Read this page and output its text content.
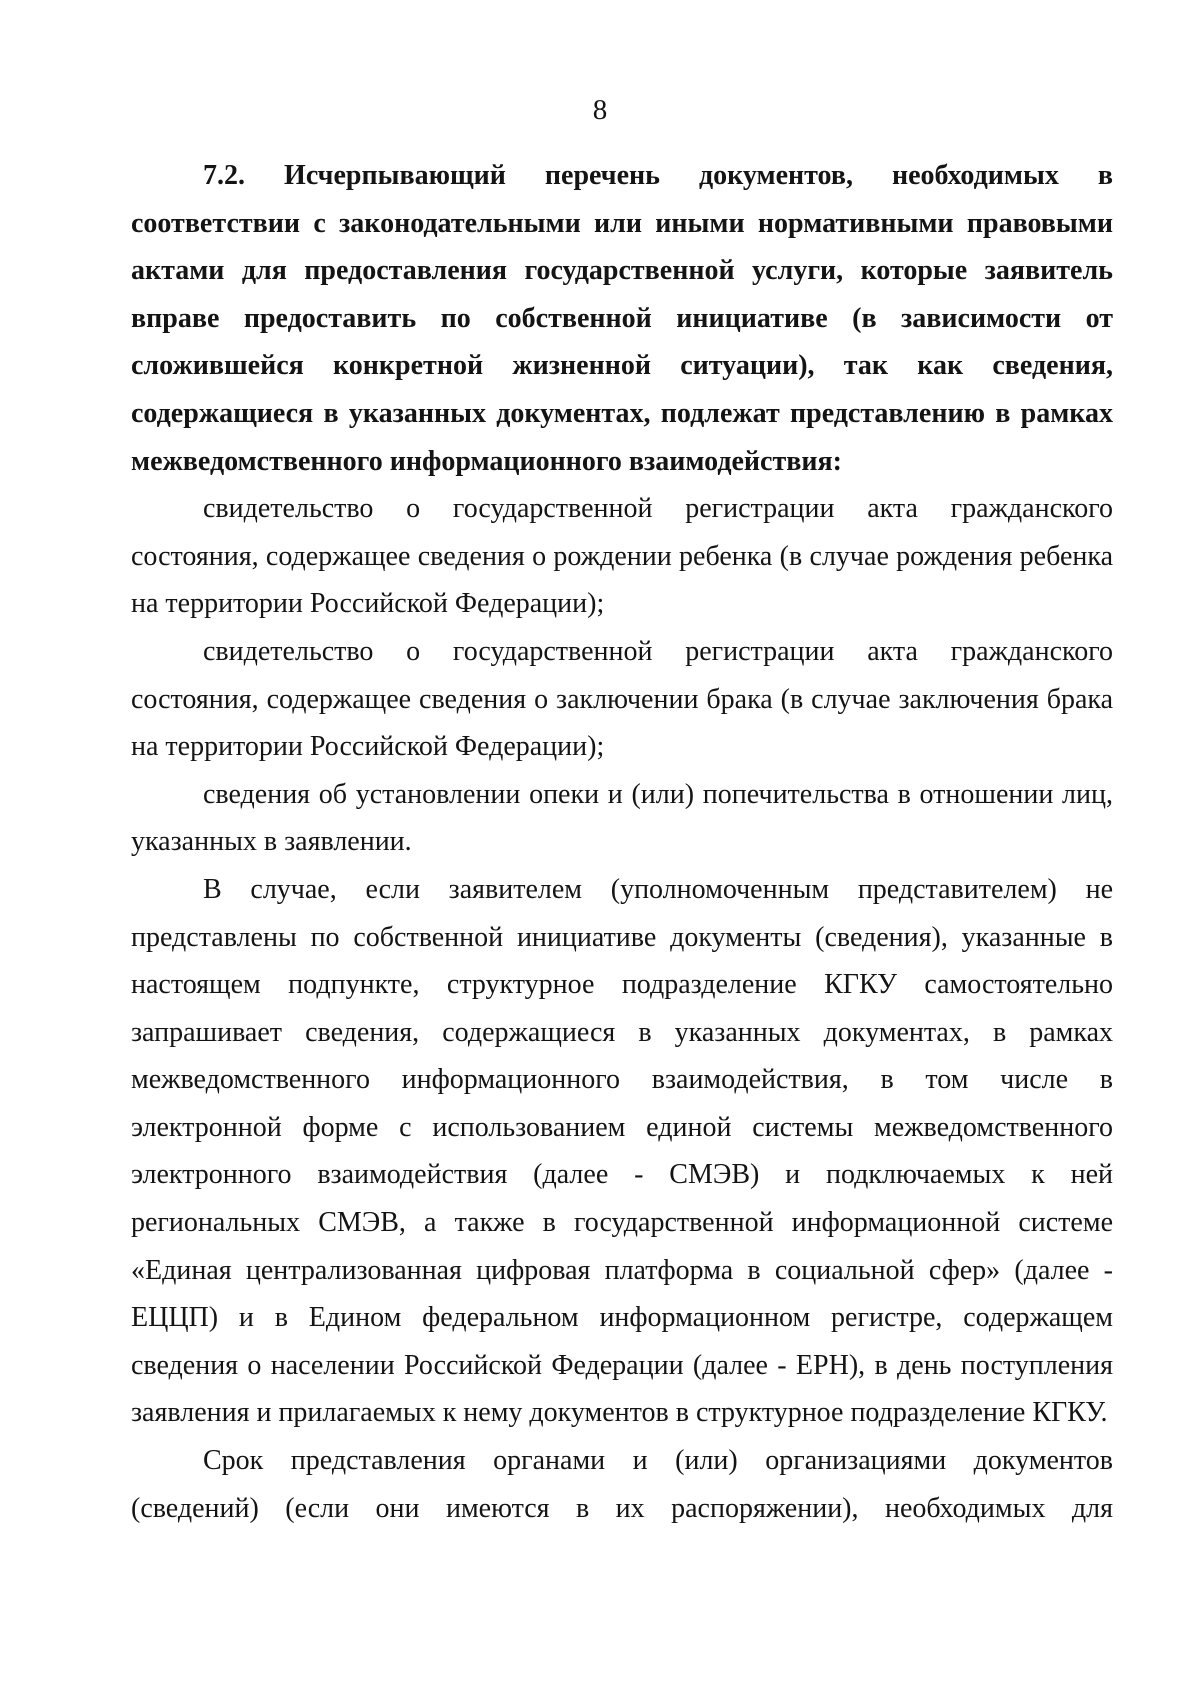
8

7.2. Исчерпывающий перечень документов, необходимых в соответствии с законодательными или иными нормативными правовыми актами для предоставления государственной услуги, которые заявитель вправе предоставить по собственной инициативе (в зависимости от сложившейся конкретной жизненной ситуации), так как сведения, содержащиеся в указанных документах, подлежат представлению в рамках межведомственного информационного взаимодействия:

свидетельство о государственной регистрации акта гражданского состояния, содержащее сведения о рождении ребенка (в случае рождения ребенка на территории Российской Федерации);

свидетельство о государственной регистрации акта гражданского состояния, содержащее сведения о заключении брака (в случае заключения брака на территории Российской Федерации);

сведения об установлении опеки и (или) попечительства в отношении лиц, указанных в заявлении.

В случае, если заявителем (уполномоченным представителем) не представлены по собственной инициативе документы (сведения), указанные в настоящем подпункте, структурное подразделение КГКУ самостоятельно запрашивает сведения, содержащиеся в указанных документах, в рамках межведомственного информационного взаимодействия, в том числе в электронной форме с использованием единой системы межведомственного электронного взаимодействия (далее - СМЭВ) и подключаемых к ней региональных СМЭВ, а также в государственной информационной системе «Единая централизованная цифровая платформа в социальной сфер» (далее - ЕЦЦП) и в Едином федеральном информационном регистре, содержащем сведения о населении Российской Федерации (далее - ЕРН), в день поступления заявления и прилагаемых к нему документов в структурное подразделение КГКУ.

Срок представления органами и (или) организациями документов (сведений) (если они имеются в их распоряжении), необходимых для
